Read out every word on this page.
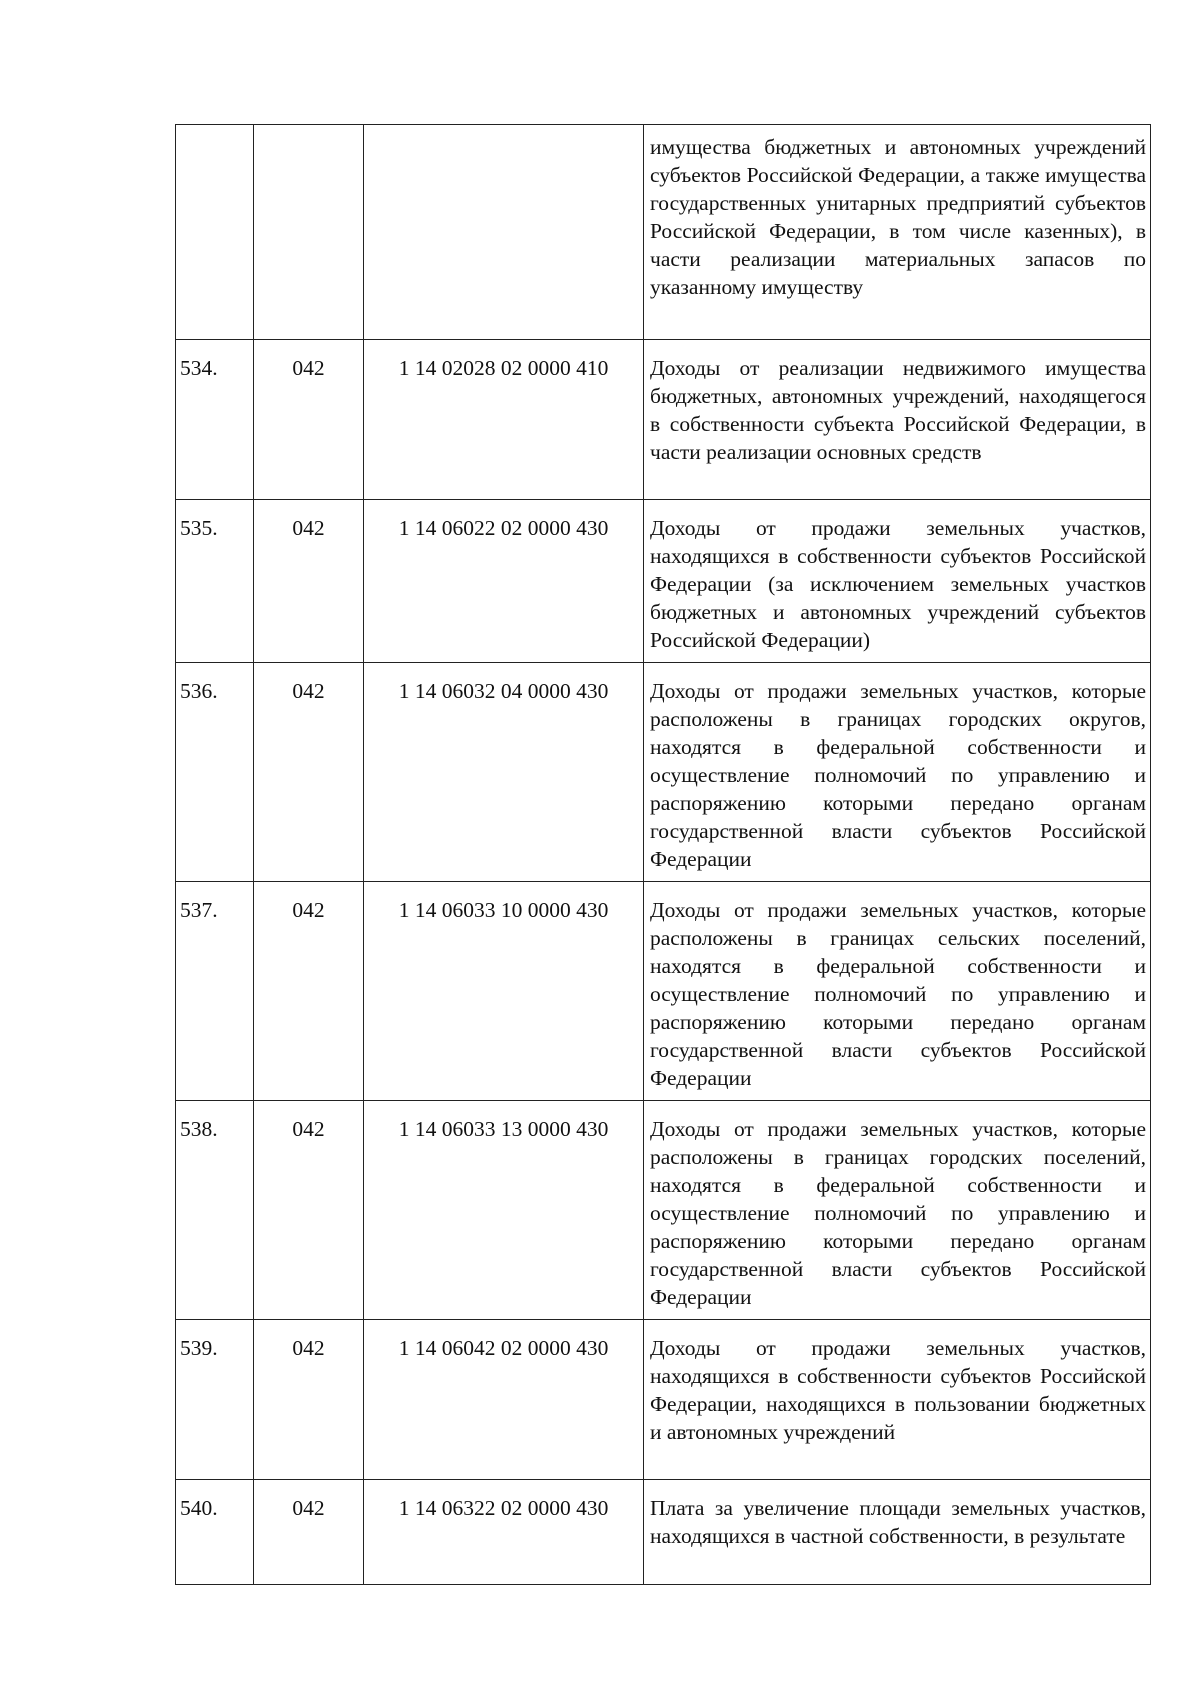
			имущества бюджетных и автономных учреждений субъектов Российской Федерации, а также имущества государственных унитарных предприятий субъектов Российской Федерации, в том числе казенных), в части реализации материальных запасов по указанному имуществу
534.	042	1 14 02028 02 0000 410	Доходы от реализации недвижимого имущества бюджетных, автономных учреждений, находящегося в собственности субъекта Российской Федерации, в части реализации основных средств
535.	042	1 14 06022 02 0000 430	Доходы от продажи земельных участков, находящихся в собственности субъектов Российской Федерации (за исключением земельных участков бюджетных и автономных учреждений субъектов Российской Федерации)
536.	042	1 14 06032 04 0000 430	Доходы от продажи земельных участков, которые расположены в границах городских округов, находятся в федеральной собственности и осуществление полномочий по управлению и распоряжению которыми передано органам государственной власти субъектов Российской Федерации
537.	042	1 14 06033 10 0000 430	Доходы от продажи земельных участков, которые расположены в границах сельских поселений, находятся в федеральной собственности и осуществление полномочий по управлению и распоряжению которыми передано органам государственной власти субъектов Российской Федерации
538.	042	1 14 06033 13 0000 430	Доходы от продажи земельных участков, которые расположены в границах городских поселений, находятся в федеральной собственности и осуществление полномочий по управлению и распоряжению которыми передано органам государственной власти субъектов Российской Федерации
539.	042	1 14 06042 02 0000 430	Доходы от продажи земельных участков, находящихся в собственности субъектов Российской Федерации, находящихся в пользовании бюджетных и автономных учреждений
540.	042	1 14 06322 02 0000 430	Плата за увеличение площади земельных участков, находящихся в частной собственности, в результате
